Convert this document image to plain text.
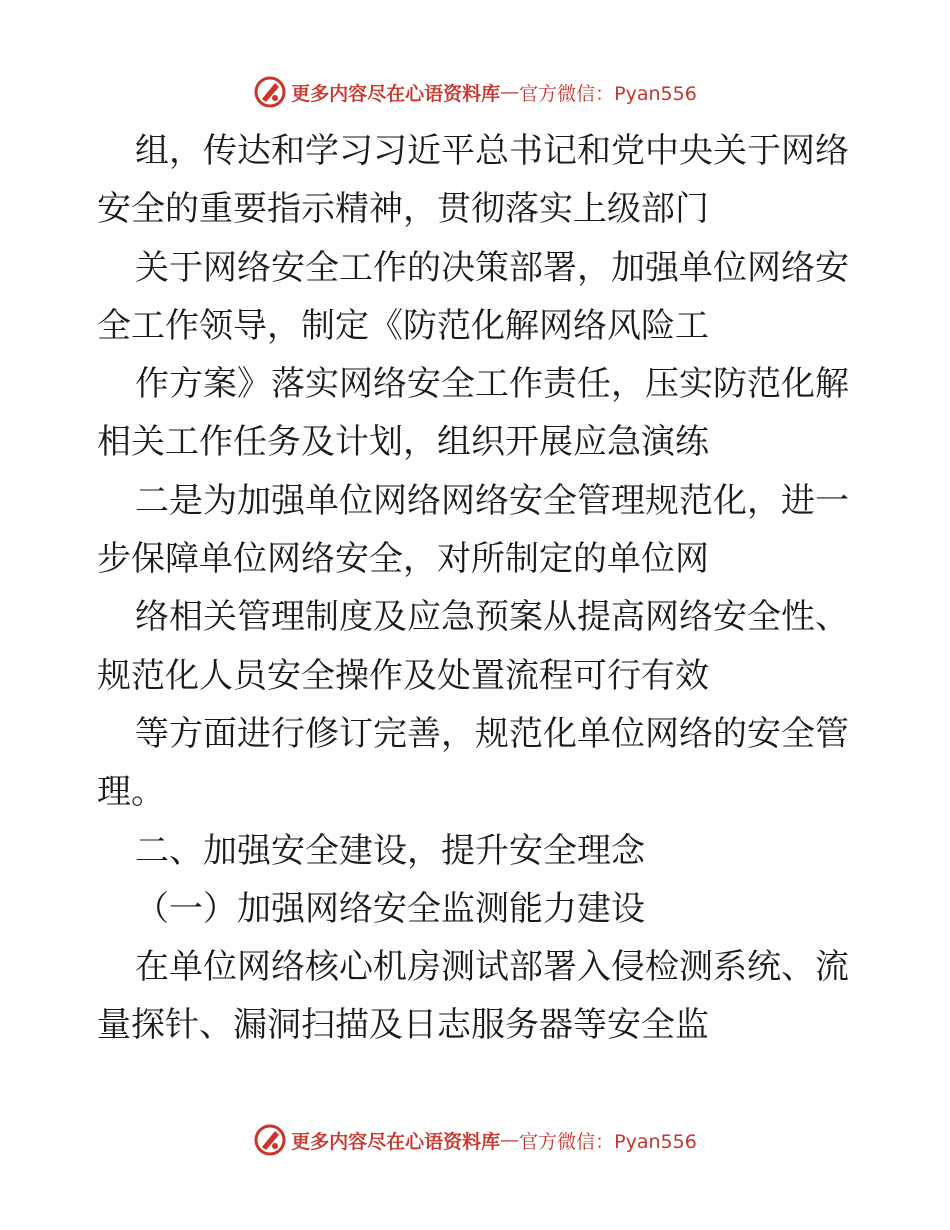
更多内容尽在心语资料库 — 官方微信：Pyan556
组，传达和学习习近平总书记和党中央关于网络
安全的重要指示精神，贯彻落实上级部门
关于网络安全工作的决策部署，加强单位网络安
全工作领导，制定《防范化解网络风险工
作方案》落实网络安全工作责任，压实防范化解
相关工作任务及计划，组织开展应急演练
二是为加强单位网络网络安全管理规范化，进一
步保障单位网络安全，对所制定的单位网
络相关管理制度及应急预案从提高网络安全性、
规范化人员安全操作及处置流程可行有效
等方面进行修订完善，规范化单位网络的安全管
理。
二、加强安全建设，提升安全理念
（一）加强网络安全监测能力建设
在单位网络核心机房测试部署入侵检测系统、流
量探针、漏洞扫描及日志服务器等安全监
更多内容尽在心语资料库 — 官方微信：Pyan556
